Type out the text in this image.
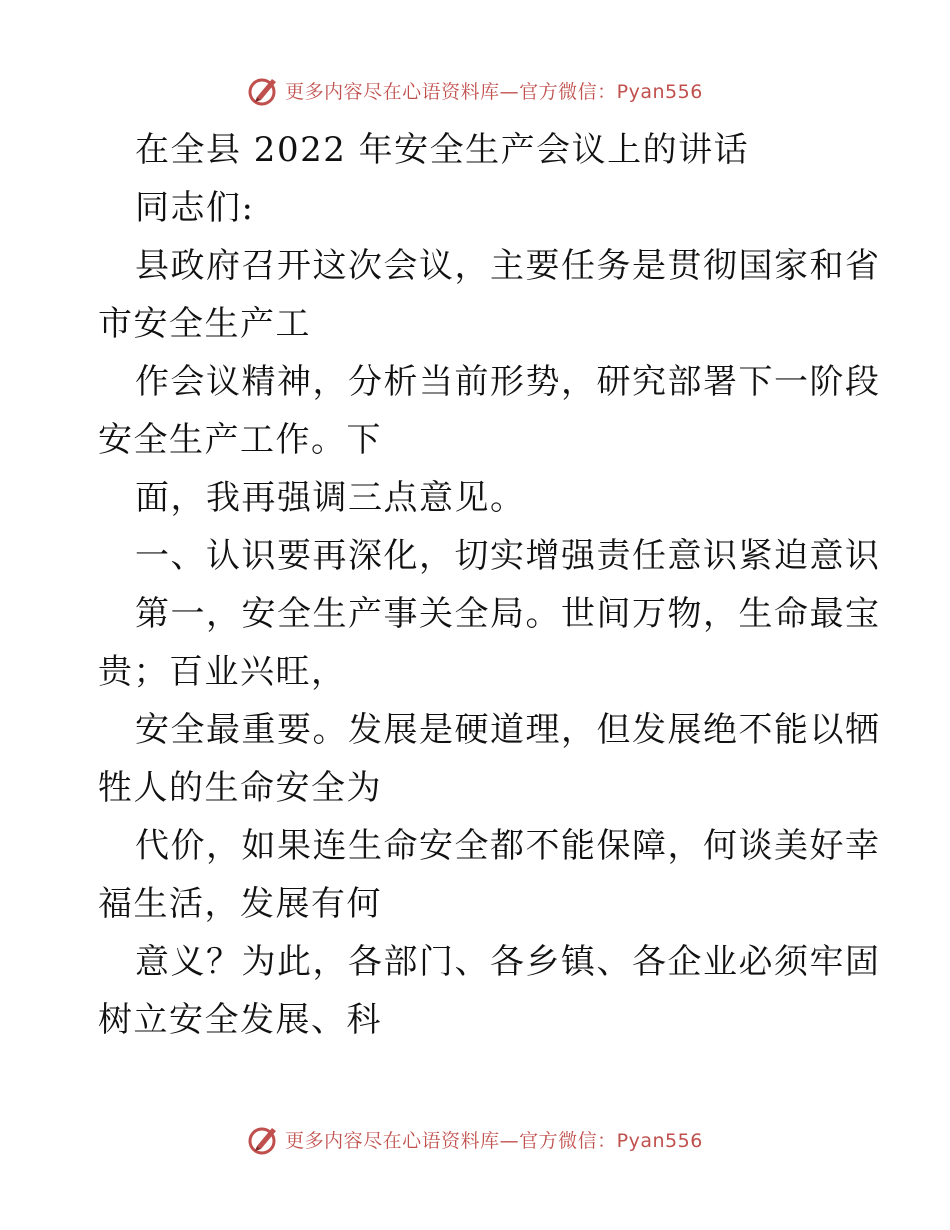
更多内容尽在心语资料库—官方微信：Pyan556
在全县 2022 年安全生产会议上的讲话
同志们:
县政府召开这次会议，主要任务是贯彻国家和省
市安全生产工
作会议精神，分析当前形势，研究部署下一阶段
安全生产工作。下
面，我再强调三点意见。
一、认识要再深化，切实增强责任意识紧迫意识
第一，安全生产事关全局。世间万物，生命最宝
贵；百业兴旺，
安全最重要。发展是硬道理，但发展绝不能以牺
牲人的生命安全为
代价，如果连生命安全都不能保障，何谈美好幸
福生活，发展有何
意义？为此，各部门、各乡镇、各企业必须牢固
树立安全发展、科
更多内容尽在心语资料库—官方微信：Pyan556
